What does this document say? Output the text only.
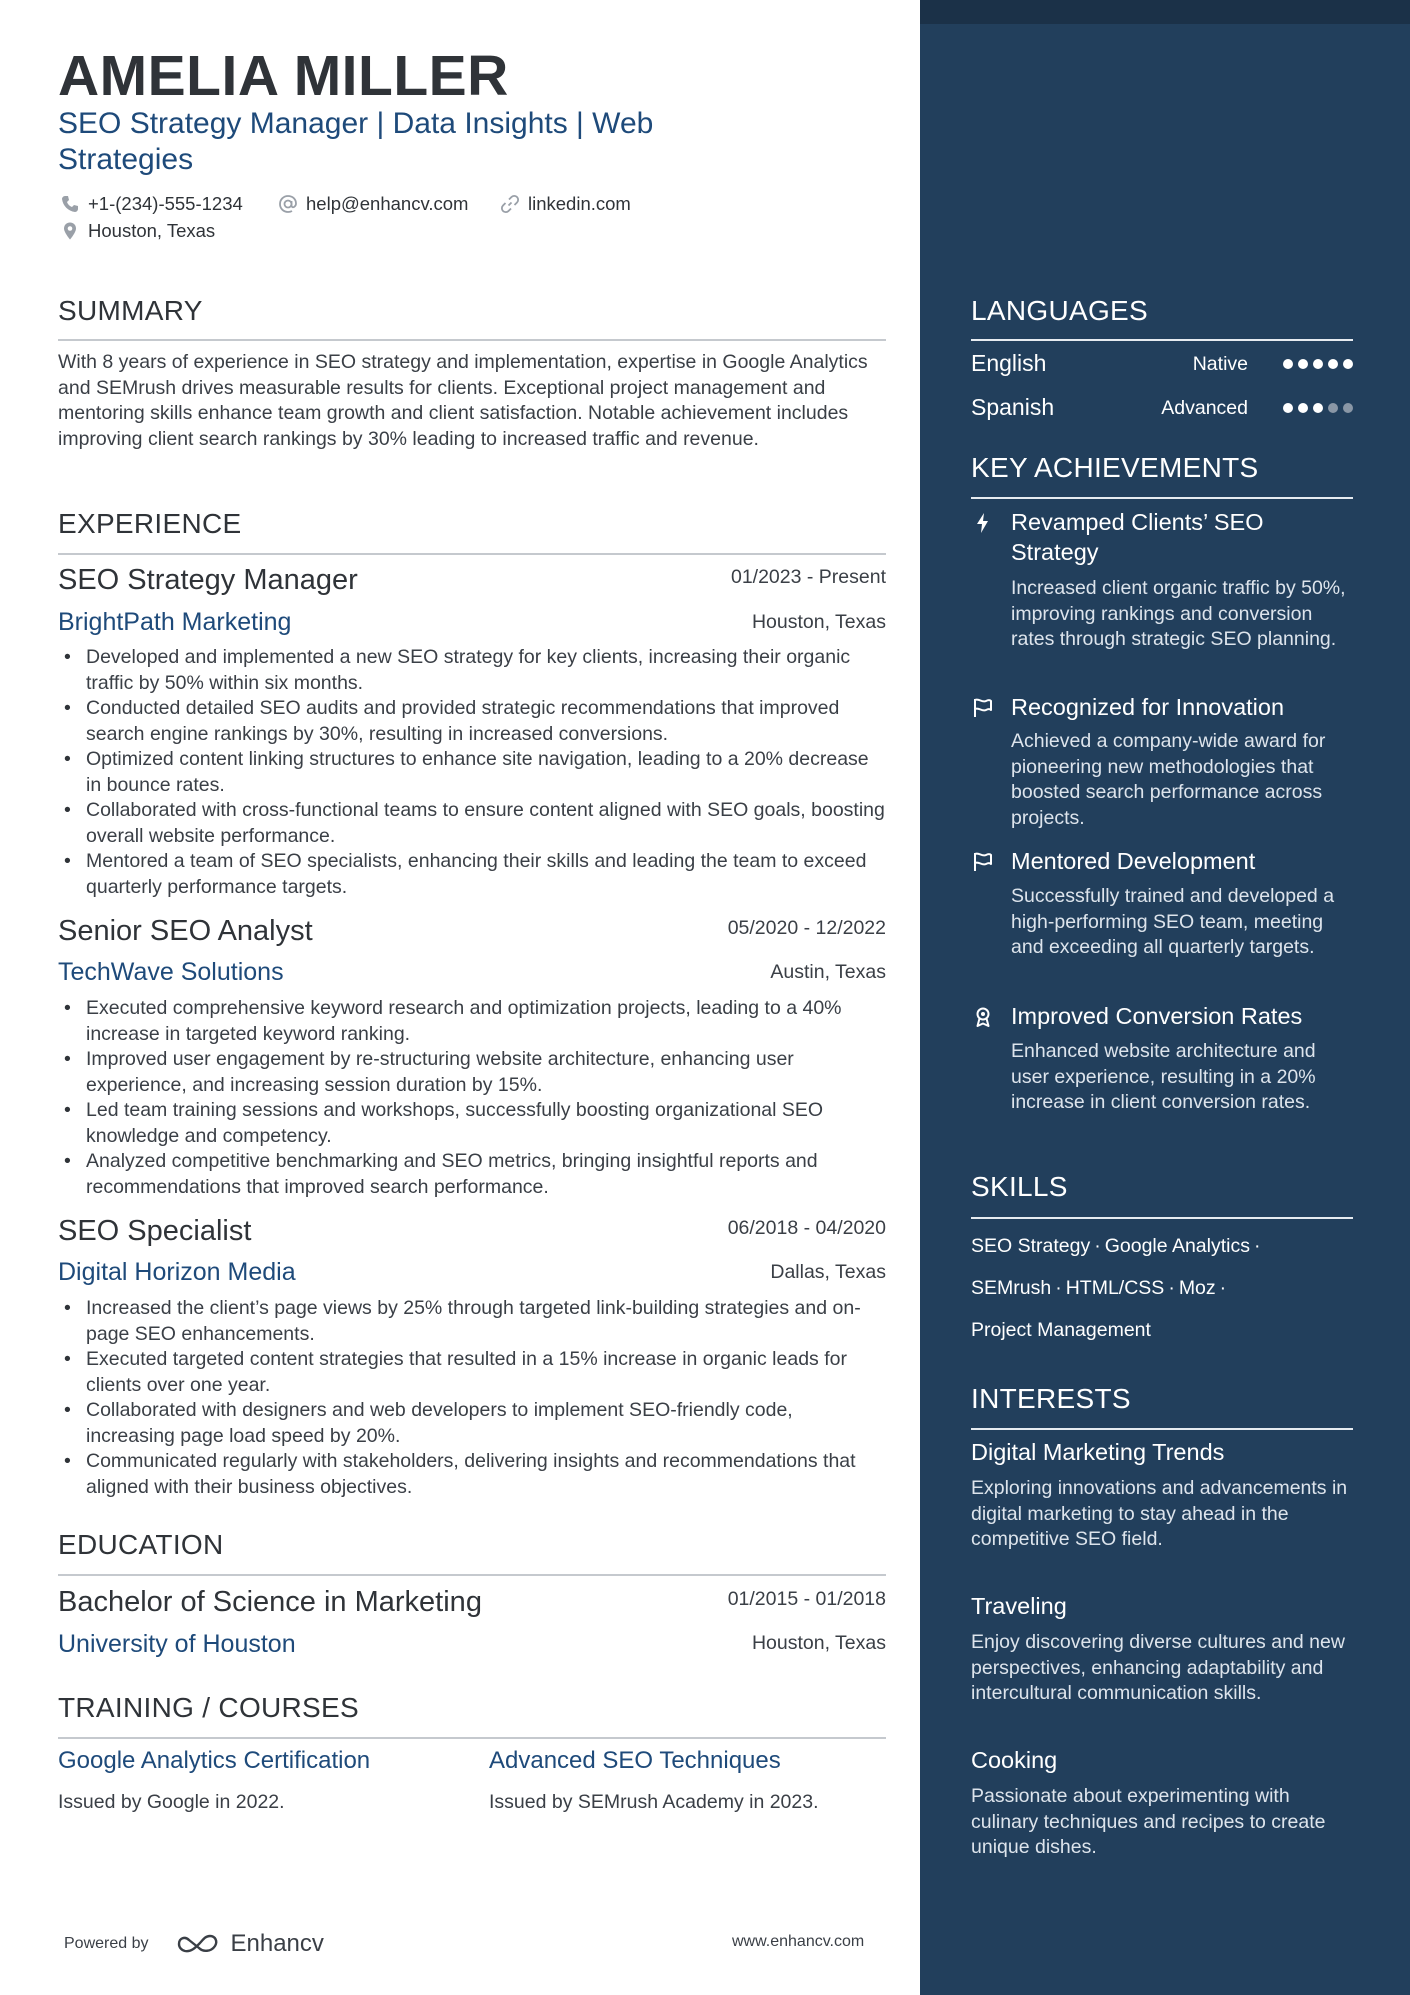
AMELIA MILLER
SEO Strategy Manager | Data Insights | Web Strategies
+1-(234)-555-1234	help@enhancv.com	linkedin.com
Houston, Texas
SUMMARY
With 8 years of experience in SEO strategy and implementation, expertise in Google Analytics and SEMrush drives measurable results for clients. Exceptional project management and mentoring skills enhance team growth and client satisfaction. Notable achievement includes improving client search rankings by 30% leading to increased traffic and revenue.
EXPERIENCE
SEO Strategy Manager	01/2023 - Present
BrightPath Marketing	Houston, Texas
• Developed and implemented a new SEO strategy for key clients, increasing their organic traffic by 50% within six months.
• Conducted detailed SEO audits and provided strategic recommendations that improved search engine rankings by 30%, resulting in increased conversions.
• Optimized content linking structures to enhance site navigation, leading to a 20% decrease in bounce rates.
• Collaborated with cross-functional teams to ensure content aligned with SEO goals, boosting overall website performance.
• Mentored a team of SEO specialists, enhancing their skills and leading the team to exceed quarterly performance targets.
Senior SEO Analyst	05/2020 - 12/2022
TechWave Solutions	Austin, Texas
• Executed comprehensive keyword research and optimization projects, leading to a 40% increase in targeted keyword ranking.
• Improved user engagement by re-structuring website architecture, enhancing user experience, and increasing session duration by 15%.
• Led team training sessions and workshops, successfully boosting organizational SEO knowledge and competency.
• Analyzed competitive benchmarking and SEO metrics, bringing insightful reports and recommendations that improved search performance.
SEO Specialist	06/2018 - 04/2020
Digital Horizon Media	Dallas, Texas
• Increased the client’s page views by 25% through targeted link-building strategies and on-page SEO enhancements.
• Executed targeted content strategies that resulted in a 15% increase in organic leads for clients over one year.
• Collaborated with designers and web developers to implement SEO-friendly code, increasing page load speed by 20%.
• Communicated regularly with stakeholders, delivering insights and recommendations that aligned with their business objectives.
EDUCATION
Bachelor of Science in Marketing	01/2015 - 01/2018
University of Houston	Houston, Texas
TRAINING / COURSES
Google Analytics Certification
Issued by Google in 2022.
Advanced SEO Techniques
Issued by SEMrush Academy in 2023.
Powered by	Enhancv	www.enhancv.com
LANGUAGES
English	Native
Spanish	Advanced
KEY ACHIEVEMENTS
Revamped Clients’ SEO Strategy
Increased client organic traffic by 50%, improving rankings and conversion rates through strategic SEO planning.
Recognized for Innovation
Achieved a company-wide award for pioneering new methodologies that boosted search performance across projects.
Mentored Development
Successfully trained and developed a high-performing SEO team, meeting and exceeding all quarterly targets.
Improved Conversion Rates
Enhanced website architecture and user experience, resulting in a 20% increase in client conversion rates.
SKILLS
SEO Strategy · Google Analytics ·
SEMrush · HTML/CSS · Moz ·
Project Management
INTERESTS
Digital Marketing Trends
Exploring innovations and advancements in digital marketing to stay ahead in the competitive SEO field.
Traveling
Enjoy discovering diverse cultures and new perspectives, enhancing adaptability and intercultural communication skills.
Cooking
Passionate about experimenting with culinary techniques and recipes to create unique dishes.
